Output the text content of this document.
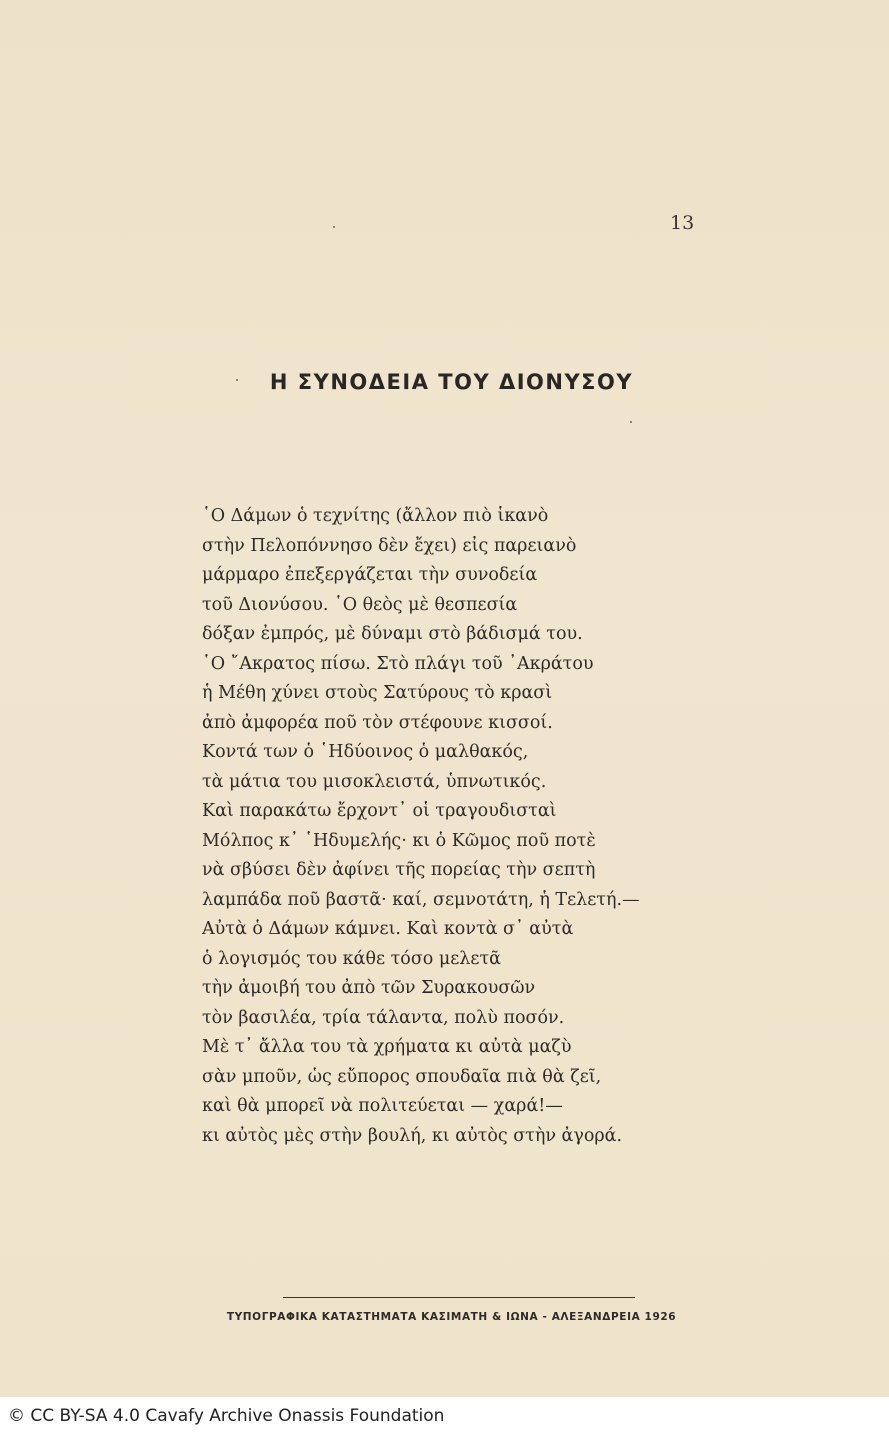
13
Η ΣΥΝΟΔΕΙΑ ΤΟΥ ΔΙΟΝΥΣΟΥ
῾Ο Δάμων ὁ τεχνίτης (ἄλλον πιὸ ἱκανὸ
στὴν Πελοπόννησο δὲν ἔχει) εἰς παρειανὸ
μάρμαρο ἐπεξεργάζεται τὴν συνοδεία
τοῦ Διονύσου. ῾Ο θεὸς μὲ θεσπεσία
δόξαν ἐμπρός, μὲ δύναμι στὸ βάδισμά του.
῾Ο ῎Ακρατος πίσω. Στὸ πλάγι τοῦ ᾿Ακράτου
ἡ Μέθη χύνει στοὺς Σατύρους τὸ κρασὶ
ἀπὸ ἀμφορέα ποῦ τὸν στέφουνε κισσοί.
Κοντά των ὁ ῾Ηδύοινος ὁ μαλθακός,
τὰ μάτια του μισοκλειστά, ὑπνωτικός.
Καὶ παρακάτω ἔρχοντ᾿ οἱ τραγουδισταὶ
Μόλπος κ᾿ ῾Ηδυμελής· κι ὁ Κῶμος ποῦ ποτὲ
νὰ σβύσει δὲν ἀφίνει τῆς πορείας τὴν σεπτὴ
λαμπάδα ποῦ βαστᾶ· καί, σεμνοτάτη, ἡ Τελετή.—
Αὐτὰ ὁ Δάμων κάμνει. Καὶ κοντὰ σ᾿ αὐτὰ
ὁ λογισμός του κάθε τόσο μελετᾶ
τὴν ἀμοιβή του ἀπὸ τῶν Συρακουσῶν
τὸν βασιλέα, τρία τάλαντα, πολὺ ποσόν.
Μὲ τ᾿ ἄλλα του τὰ χρήματα κι αὐτὰ μαζὺ
σὰν μποῦν, ὡς εὔπορος σπουδαῖα πιὰ θὰ ζεῖ,
καὶ θὰ μπορεῖ νὰ πολιτεύεται — χαρά!—
κι αὐτὸς μὲς στὴν βουλή, κι αὐτὸς στὴν ἀγορά.
ΤΥΠΟΓΡΑΦΙΚΑ ΚΑΤΑΣΤΗΜΑΤΑ ΚΑΣΙΜΑΤΗ & ΙΩΝΑ - ΑΛΕΞΑΝΔΡΕΙΑ 1926
© CC BY-SA 4.0 Cavafy Archive Onassis Foundation
